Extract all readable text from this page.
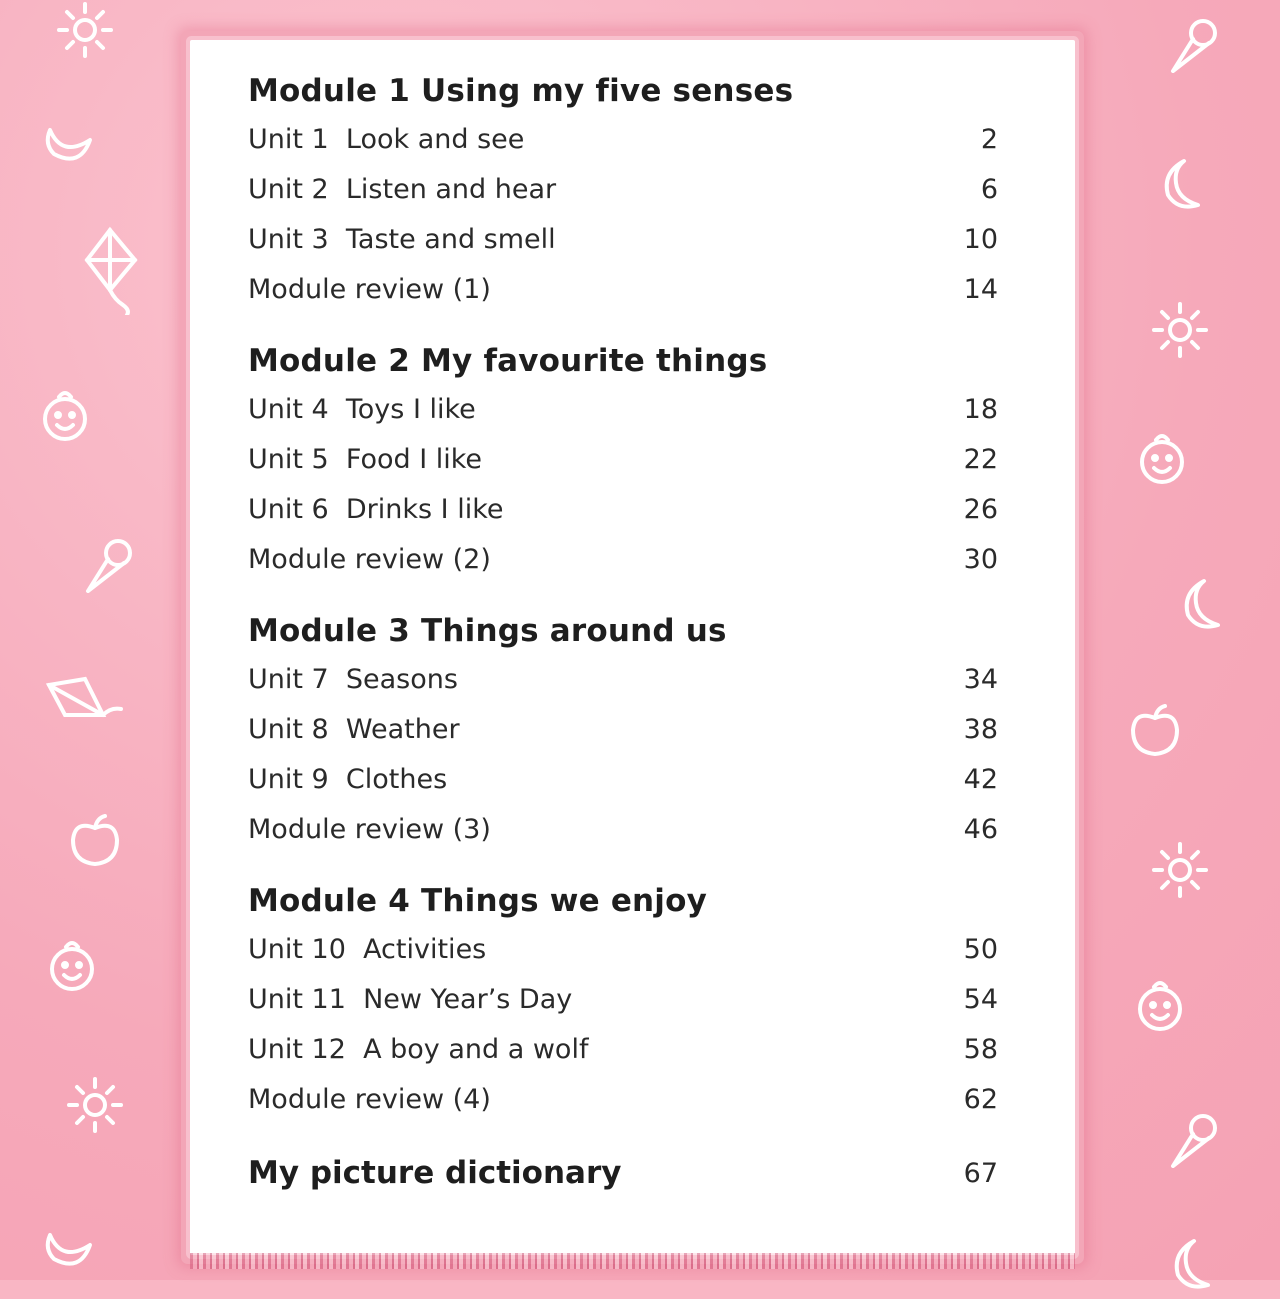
Module 1 Using my five senses
Unit 1  Look and see	2
Unit 2  Listen and hear	6
Unit 3  Taste and smell	10
Module review (1)	14
Module 2 My favourite things
Unit 4  Toys I like	18
Unit 5  Food I like	22
Unit 6  Drinks I like	26
Module review (2)	30
Module 3 Things around us
Unit 7  Seasons	34
Unit 8  Weather	38
Unit 9  Clothes	42
Module review (3)	46
Module 4 Things we enjoy
Unit 10  Activities	50
Unit 11  New Year’s Day	54
Unit 12  A boy and a wolf	58
Module review (4)	62
My picture dictionary	67
